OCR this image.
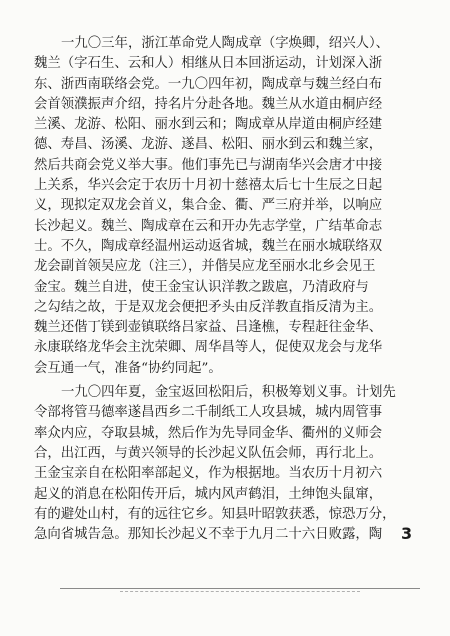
一九〇三年，浙江革命党人陶成章（字焕卿，绍兴人）、
魏兰（字石生、云和人）相继从日本回浙运动，计划深入浙
东、浙西南联络会党。一九〇四年初，陶成章与魏兰经白布
会首领濮振声介绍，持名片分赴各地。魏兰从水道由桐庐经
兰溪、龙游、松阳、丽水到云和；陶成章从岸道由桐庐经建
德、寿昌、汤溪、龙游、遂昌、松阳、丽水到云和魏兰家，
然后共商会党义举大事。他们事先已与湖南华兴会唐才中接
上关系，华兴会定于农历十月初十慈禧太后七十生辰之日起
义，现拟定双龙会首义，集合金、衢、严三府并举，以响应
长沙起义。魏兰、陶成章在云和开办先志学堂，广结革命志
士。不久，陶成章经温州运动返省城，魏兰在丽水城联络双
龙会副首领吴应龙（注三），并偕吴应龙至丽水北乡会见王
金宝。魏兰自进，使王金宝认识洋教之跋扈，乃清政府与
之勾结之故，于是双龙会便把矛头由反洋教直指反清为主。
魏兰还偕丁镁到壶镇联络吕家益、吕逢樵，专程赶往金华、
永康联络龙华会主沈荣卿、周华昌等人，促使双龙会与龙华
会互通一气，准备“协约同起”。
一九〇四年夏，金宝返回松阳后，积极筹划义事。计划先
令部将管马德率遂昌西乡二千制纸工人攻县城，城内周管事
率众内应，夺取县城，然后作为先导同金华、衢州的义师会
合，出江西，与黄兴领导的长沙起义队伍会师，再行北上。
王金宝亲自在松阳率部起义，作为根据地。当农历十月初六
起义的消息在松阳传开后，城内风声鹤泪，土绅饱头鼠窜，
有的避处山村，有的远往它乡。知县叶昭敦获悉，惊恐万分，
急向省城告急。那知长沙起义不幸于九月二十六日败露，陶	3
